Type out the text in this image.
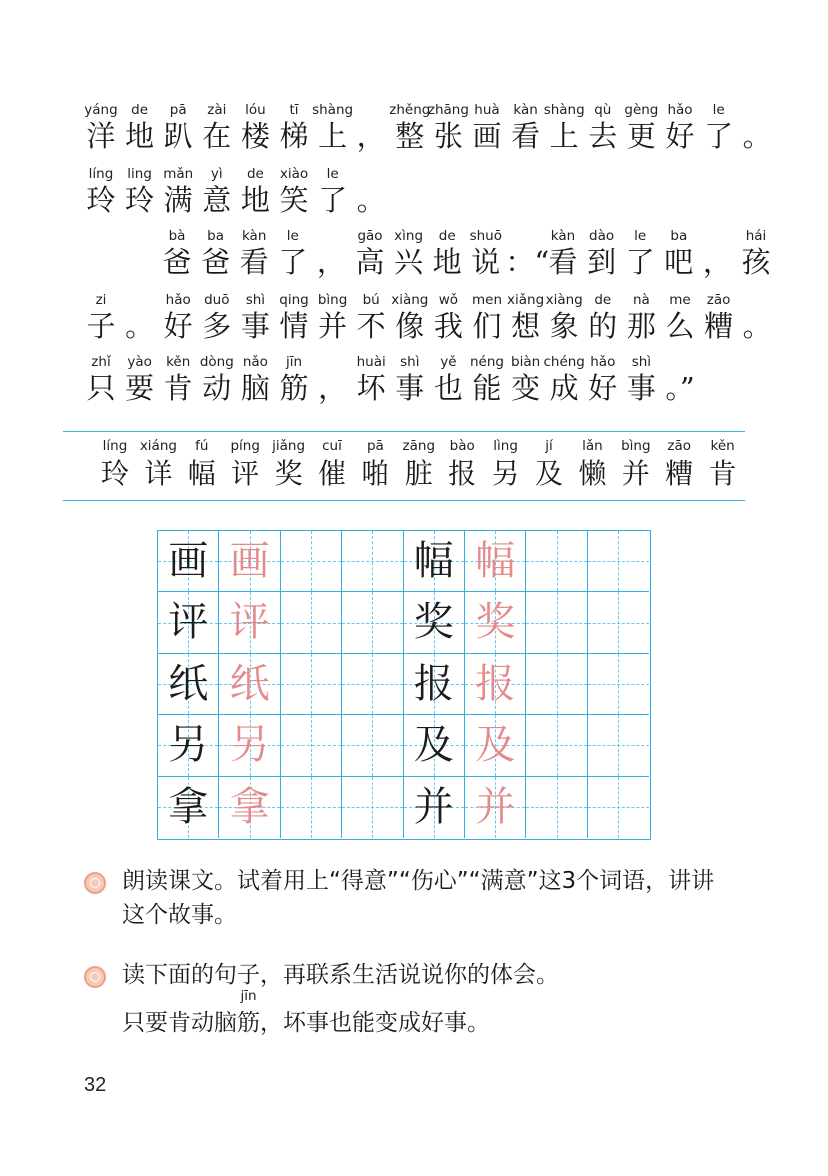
洋
yáng
地
de
趴
pā
在
zài
楼
lóu
梯
tī
上
shàng
， 整
zhěng
张
zhāng
画
huà
看
kàn
上
shàng
去
qù
更
gèng
好
hǎo
了
le
。
玲
líng
玲
ling
满
mǎn
意
yì
地
de
笑
xiào
了
le
。
爸
bà
爸
ba
看
kàn
了
le
， 高
gāo
兴
xìng
地
de
说
shuō
：“ 看
kàn
到
dào
了
le
吧
ba
， 孩
hái
子
zi
。 好
hǎo
多
duō
事
shì
情
qing
并
bìng
不
bú
像
xiàng
我
wǒ
们
men
想
xiǎng
象
xiàng
的
de
那
nà
么
me
糟
zāo
。
只
zhǐ
要
yào
肯
kěn
动
dòng
脑
nǎo
筋
jīn
， 坏
huài
事
shì
也
yě
能
néng
变
biàn
成
chéng
好
hǎo
事
shì
。”
líng
玲
xiáng
详
fú
幅
píng
评
jiǎng
奖
cuī
催
pā
啪
zāng
脏
bào
报
lìng
另
jí
及
lǎn
懒
bìng
并
zāo
糟
kěn
肯
画 画	幅 幅
评 评	奖 奖
纸 纸	报 报
另 另	及 及
拿 拿	并 并
朗读课文。试着用上“得意”“伤心”“满意”这3个词语，讲讲这个故事。
读下面的句子，再联系生活说说你的体会。
只要肯动脑
jīn
筋，坏事也能变成好事。
32
